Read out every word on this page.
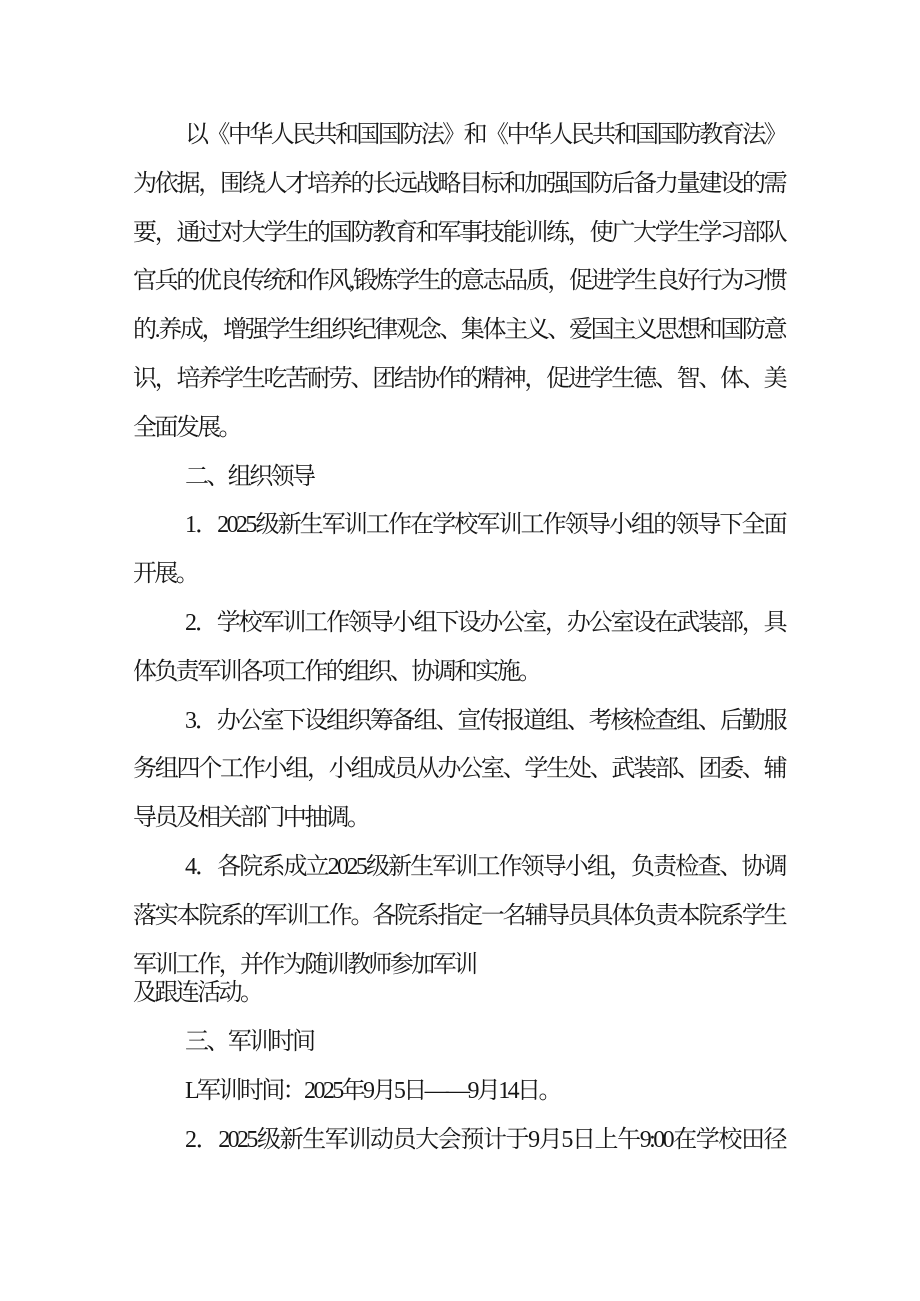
以《中华人民共和国国防法》和《中华人民共和国国防教育法》
为依据，围绕人才培养的长远战略目标和加强国防后备力量建设的需
要，通过对大学生的国防教育和军事技能训练，使广大学生学习部队
官兵的优良传统和作风,锻炼学生的意志品质，促进学生良好行为习惯
的.养成，增强学生组织纪律观念、集体主义、爱国主义思想和国防意
识，培养学生吃苦耐劳、团结协作的精神，促进学生德、智、体、美
全面发展。
二、组织领导
1．2025级新生军训工作在学校军训工作领导小组的领导下全面
开展。
2．学校军训工作领导小组下设办公室，办公室设在武装部，具
体负责军训各项工作的组织、协调和实施。
3．办公室下设组织筹备组、宣传报道组、考核检查组、后勤服
务组四个工作小组，小组成员从办公室、学生处、武装部、团委、辅
导员及相关部门中抽调。
4．各院系成立2025级新生军训工作领导小组，负责检查、协调
落实本院系的军训工作。各院系指定一名辅导员具体负责本院系学生
军训工作，并作为随训教师参加军训
及跟连活动。
三、军训时间
L军训时间：2025年9月5日——9月14日。
2．2025级新生军训动员大会预计于9月5日上午9:00在学校田径
